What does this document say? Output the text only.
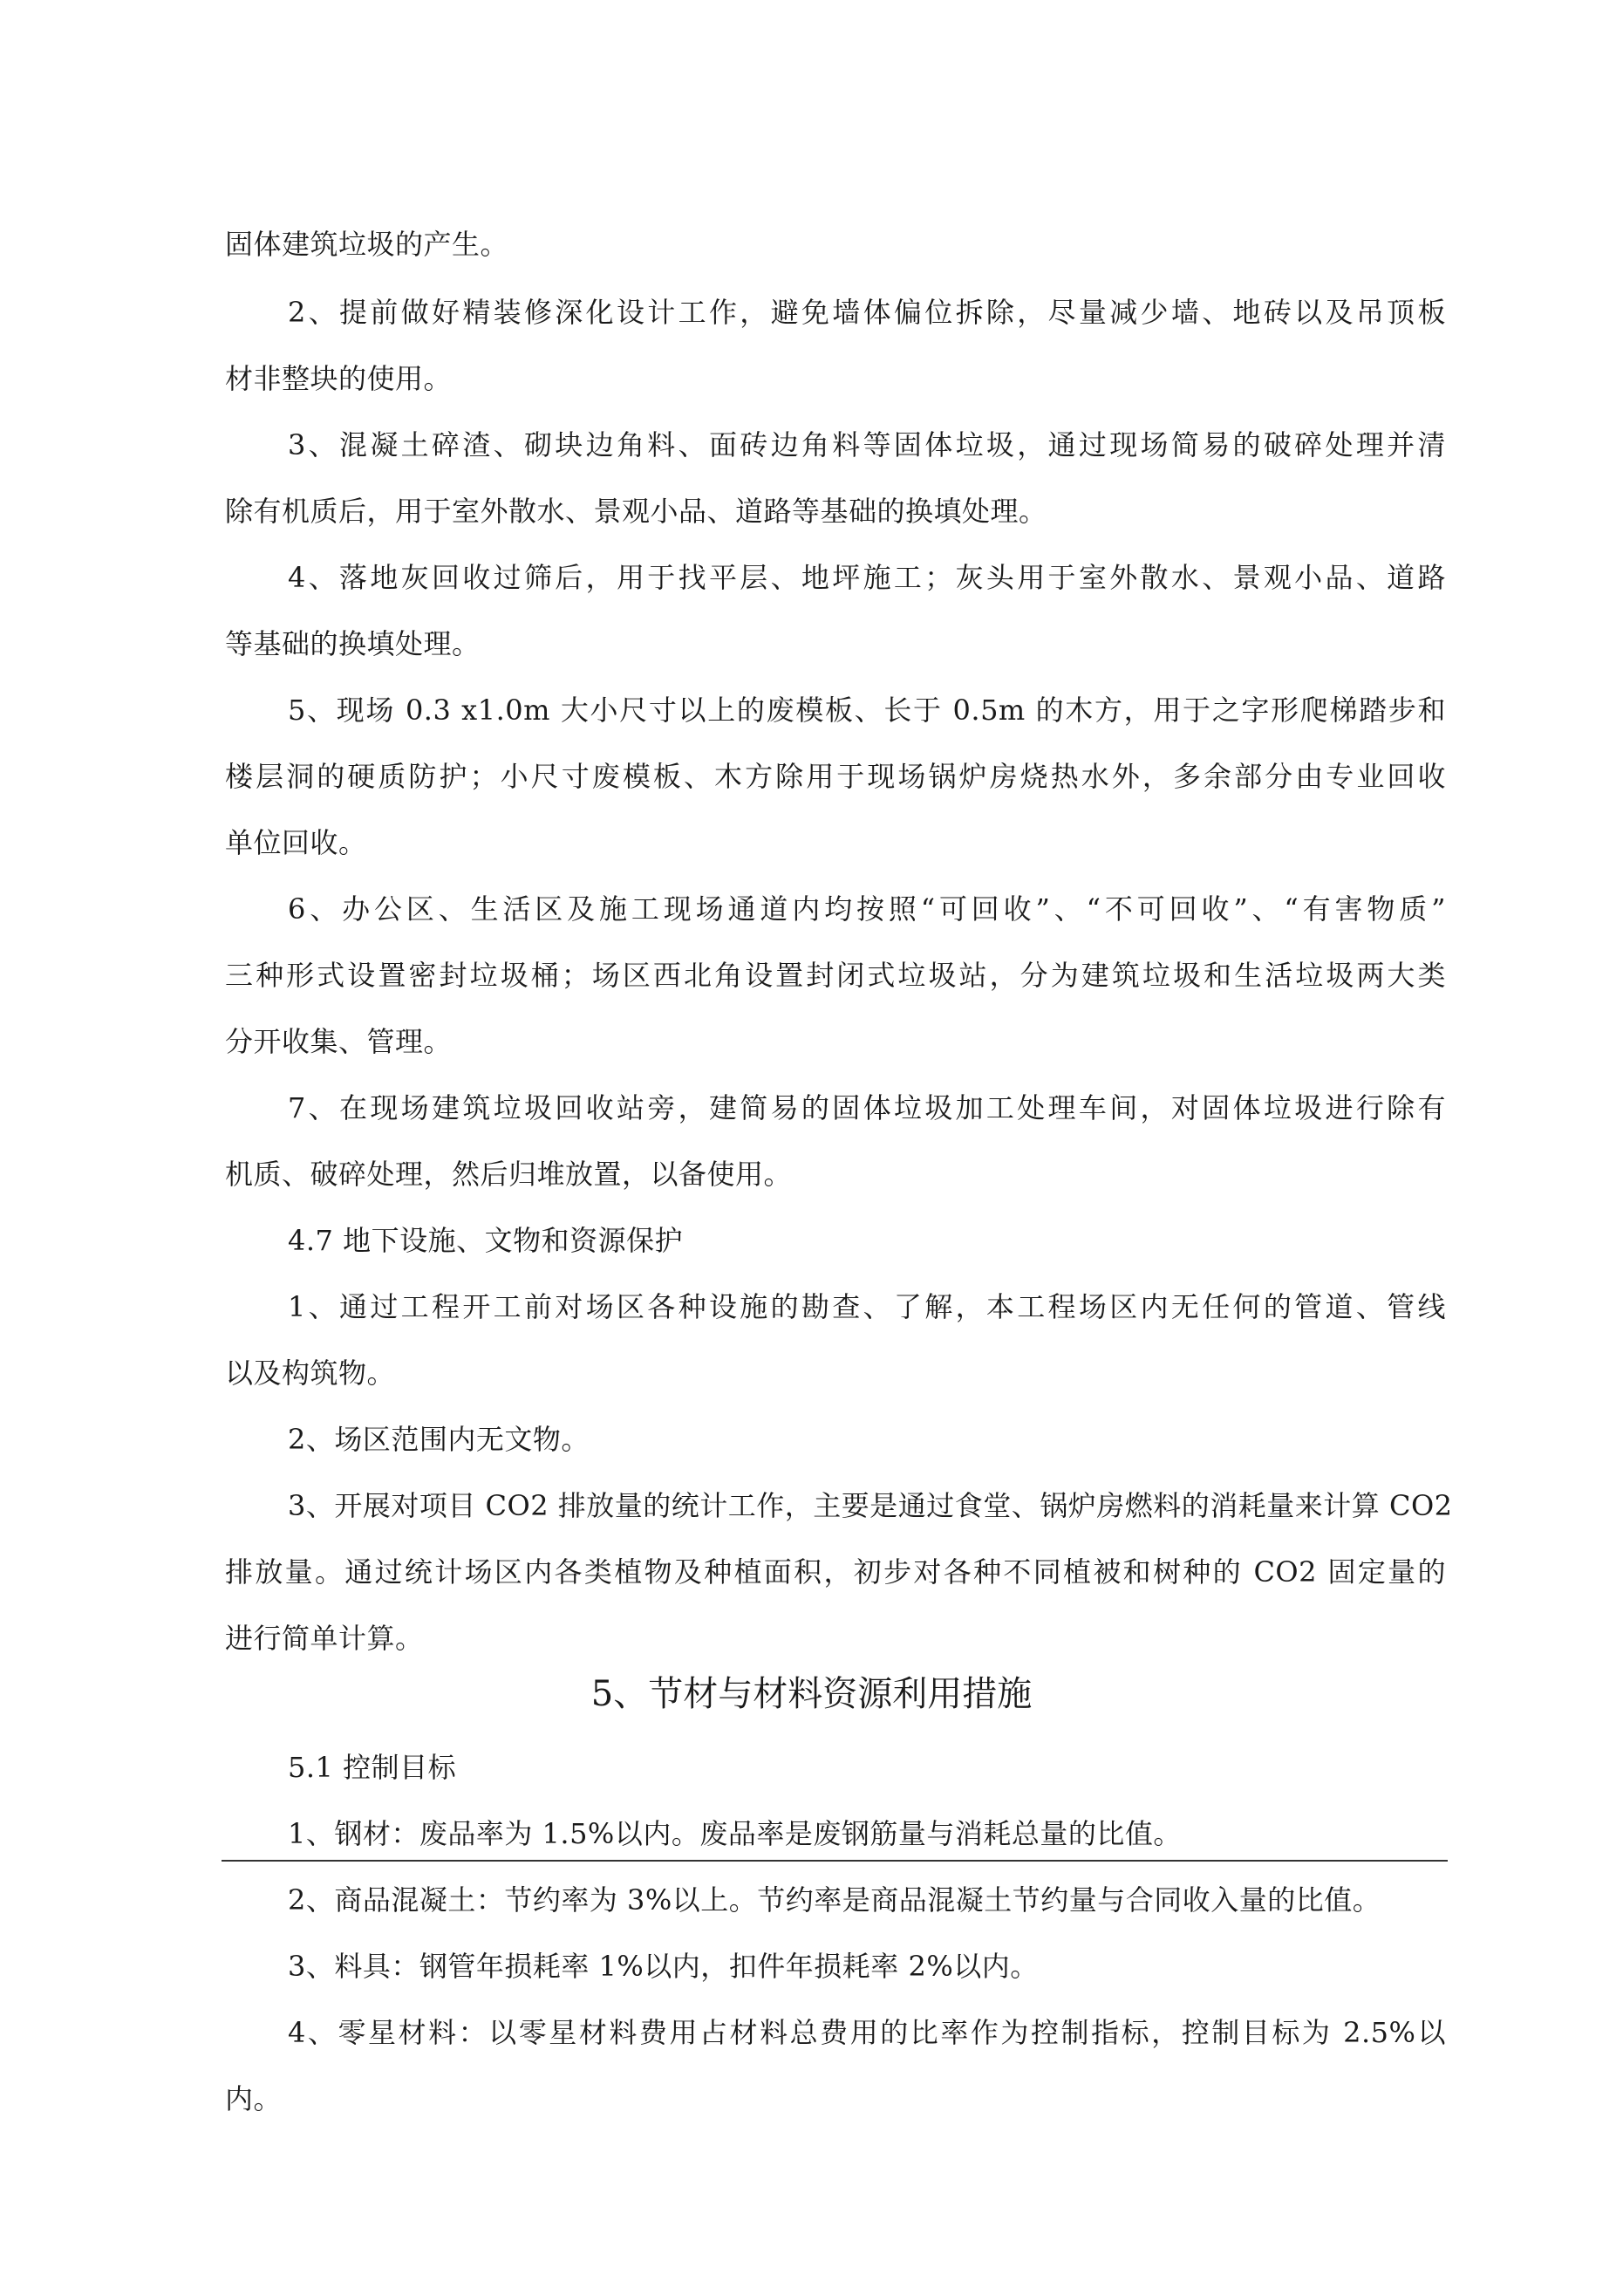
固体建筑垃圾的产生。
2、提前做好精装修深化设计工作，避免墙体偏位拆除，尽量减少墙、地砖以及吊顶板
材非整块的使用。
3、混凝土碎渣、砌块边角料、面砖边角料等固体垃圾，通过现场简易的破碎处理并清
除有机质后，用于室外散水、景观小品、道路等基础的换填处理。
4、落地灰回收过筛后，用于找平层、地坪施工；灰头用于室外散水、景观小品、道路
等基础的换填处理。
5、现场 0.3 x1.0m 大小尺寸以上的废模板、长于 0.5m 的木方，用于之字形爬梯踏步和
楼层洞的硬质防护；小尺寸废模板、木方除用于现场锅炉房烧热水外，多余部分由专业回收
单位回收。
6、办公区、生活区及施工现场通道内均按照“可回收”、“不可回收”、“有害物质”
三种形式设置密封垃圾桶；场区西北角设置封闭式垃圾站，分为建筑垃圾和生活垃圾两大类
分开收集、管理。
7、在现场建筑垃圾回收站旁，建简易的固体垃圾加工处理车间，对固体垃圾进行除有
机质、破碎处理，然后归堆放置，以备使用。
4.7 地下设施、文物和资源保护
1、通过工程开工前对场区各种设施的勘查、了解，本工程场区内无任何的管道、管线
以及构筑物。
2、场区范围内无文物。
3、开展对项目 CO2 排放量的统计工作，主要是通过食堂、锅炉房燃料的消耗量来计算 CO2
排放量。通过统计场区内各类植物及种植面积，初步对各种不同植被和树种的 CO2 固定量的
进行简单计算。
5、节材与材料资源利用措施
5.1 控制目标
1、钢材：废品率为 1.5%以内。废品率是废钢筋量与消耗总量的比值。
2、商品混凝土：节约率为 3%以上。节约率是商品混凝土节约量与合同收入量的比值。
3、料具：钢管年损耗率 1%以内，扣件年损耗率 2%以内。
4、零星材料：以零星材料费用占材料总费用的比率作为控制指标，控制目标为 2.5%以
内。
